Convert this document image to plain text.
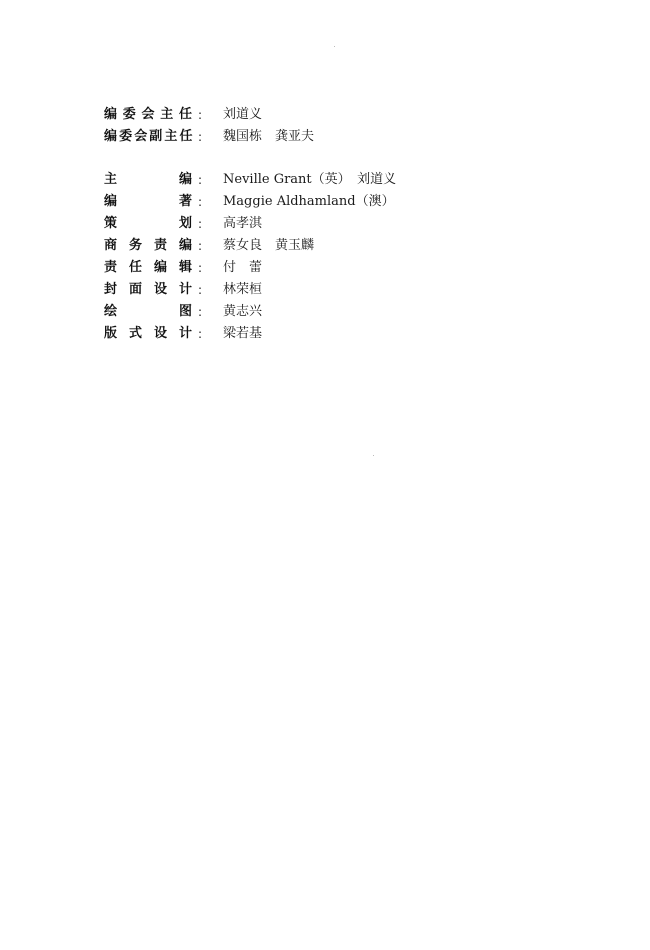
编委会主任 : 刘道义
编委会副主任 : 魏国栋　龚亚夫
主编 : Neville Grant（英）　刘道义
编著 : Maggie Aldhamland（澳）
策划 : 高孝淇
商务责编 : 蔡女良　黄玉麟
责任编辑 : 付　蕾
封面设计 : 林荣桓
绘图 : 黄志兴
版式设计 : 梁若基
